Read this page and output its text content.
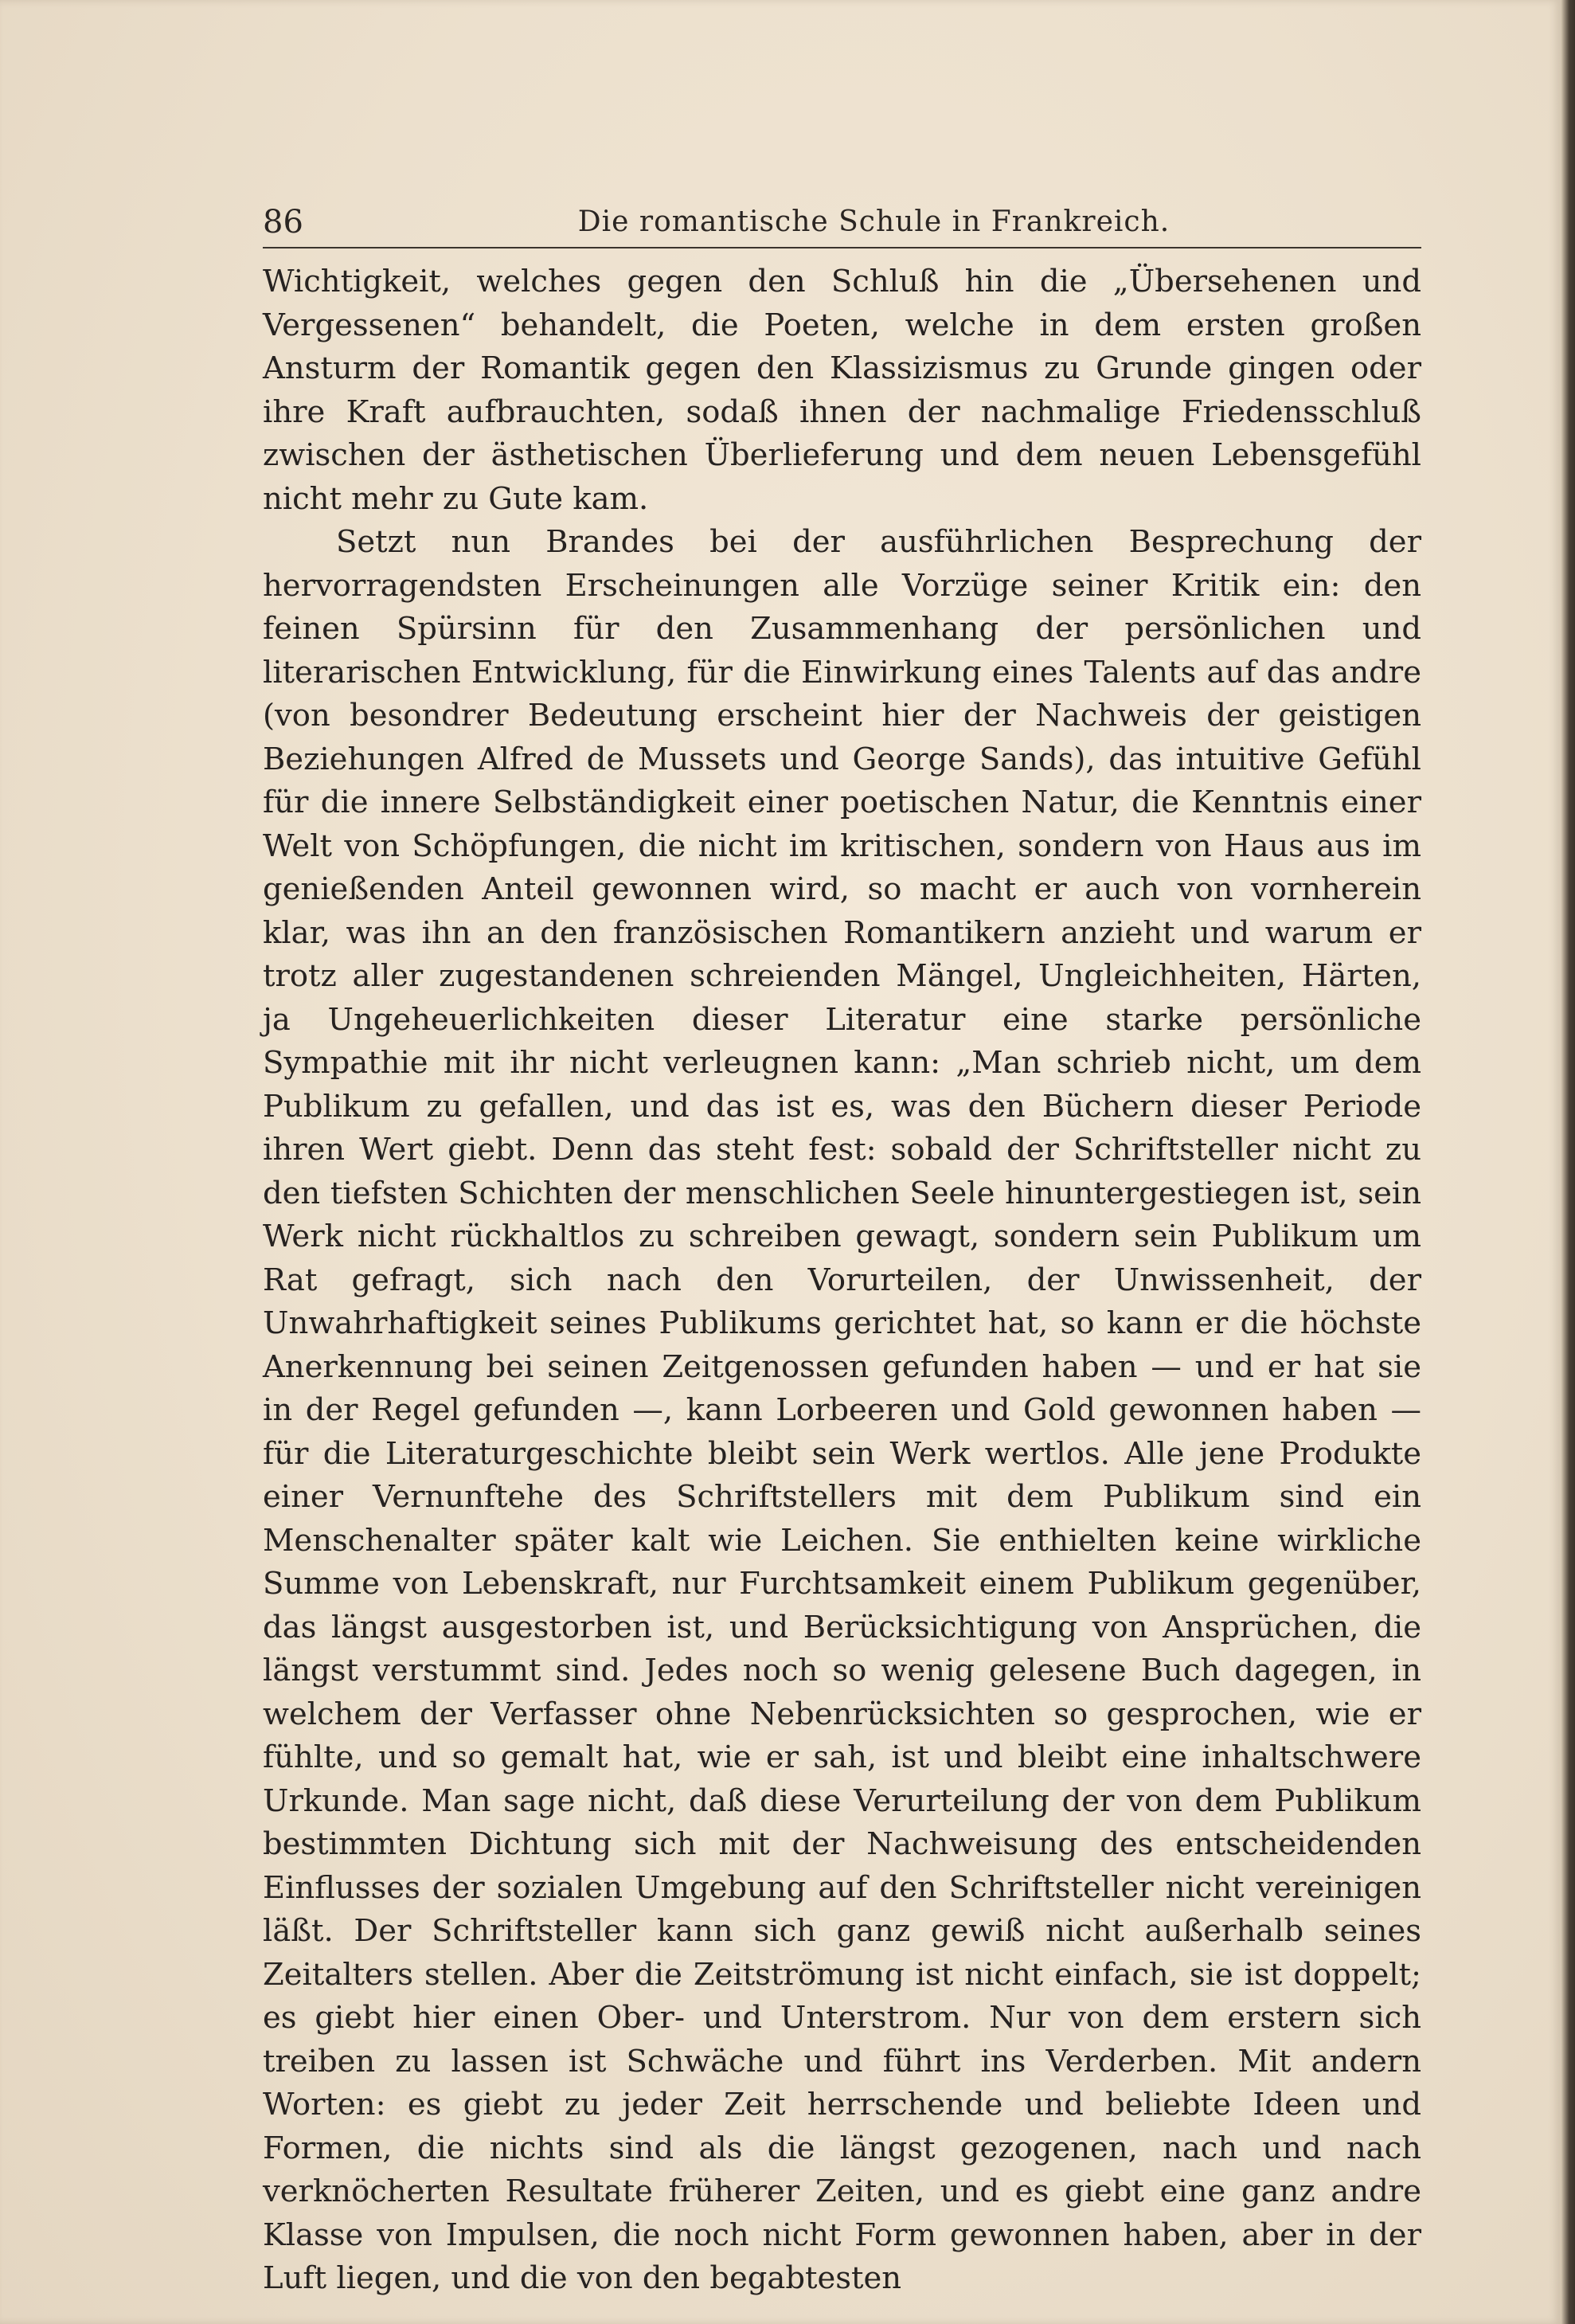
86	Die romantische Schule in Frankreich.

Wichtigkeit, welches gegen den Schluß hin die „Übersehenen und Vergessenen“ behandelt, die Poeten, welche in dem ersten großen Ansturm der Romantik gegen den Klassizismus zu Grunde gingen oder ihre Kraft aufbrauchten, sodaß ihnen der nachmalige Friedensschluß zwischen der ästhetischen Überlieferung und dem neuen Lebensgefühl nicht mehr zu Gute kam.

Setzt nun Brandes bei der ausführlichen Besprechung der hervorragendsten Erscheinungen alle Vorzüge seiner Kritik ein: den feinen Spürsinn für den Zusammenhang der persönlichen und literarischen Entwicklung, für die Einwirkung eines Talents auf das andre (von besondrer Bedeutung erscheint hier der Nachweis der geistigen Beziehungen Alfred de Mussets und George Sands), das intuitive Gefühl für die innere Selbständigkeit einer poetischen Natur, die Kenntnis einer Welt von Schöpfungen, die nicht im kritischen, sondern von Haus aus im genießenden Anteil gewonnen wird, so macht er auch von vornherein klar, was ihn an den französischen Romantikern anzieht und warum er trotz aller zugestandenen schreienden Mängel, Ungleichheiten, Härten, ja Ungeheuerlichkeiten dieser Literatur eine starke persönliche Sympathie mit ihr nicht verleugnen kann: „Man schrieb nicht, um dem Publikum zu gefallen, und das ist es, was den Büchern dieser Periode ihren Wert giebt. Denn das steht fest: sobald der Schriftsteller nicht zu den tiefsten Schichten der menschlichen Seele hinuntergestiegen ist, sein Werk nicht rückhaltlos zu schreiben gewagt, sondern sein Publikum um Rat gefragt, sich nach den Vorurteilen, der Unwissenheit, der Unwahrhaftigkeit seines Publikums gerichtet hat, so kann er die höchste Anerkennung bei seinen Zeitgenossen gefunden haben — und er hat sie in der Regel gefunden —, kann Lorbeeren und Gold gewonnen haben — für die Literaturgeschichte bleibt sein Werk wertlos. Alle jene Produkte einer Vernunftehe des Schriftstellers mit dem Publikum sind ein Menschenalter später kalt wie Leichen. Sie enthielten keine wirkliche Summe von Lebenskraft, nur Furchtsamkeit einem Publikum gegenüber, das längst ausgestorben ist, und Berücksichtigung von Ansprüchen, die längst verstummt sind. Jedes noch so wenig gelesene Buch dagegen, in welchem der Verfasser ohne Nebenrücksichten so gesprochen, wie er fühlte, und so gemalt hat, wie er sah, ist und bleibt eine inhaltschwere Urkunde. Man sage nicht, daß diese Verurteilung der von dem Publikum bestimmten Dichtung sich mit der Nachweisung des entscheidenden Einflusses der sozialen Umgebung auf den Schriftsteller nicht vereinigen läßt. Der Schriftsteller kann sich ganz gewiß nicht außerhalb seines Zeitalters stellen. Aber die Zeitströmung ist nicht einfach, sie ist doppelt; es giebt hier einen Ober- und Unterstrom. Nur von dem erstern sich treiben zu lassen ist Schwäche und führt ins Verderben. Mit andern Worten: es giebt zu jeder Zeit herrschende und beliebte Ideen und Formen, die nichts sind als die längst gezogenen, nach und nach verknöcherten Resultate früherer Zeiten, und es giebt eine ganz andre Klasse von Impulsen, die noch nicht Form gewonnen haben, aber in der Luft liegen, und die von den begabtesten
